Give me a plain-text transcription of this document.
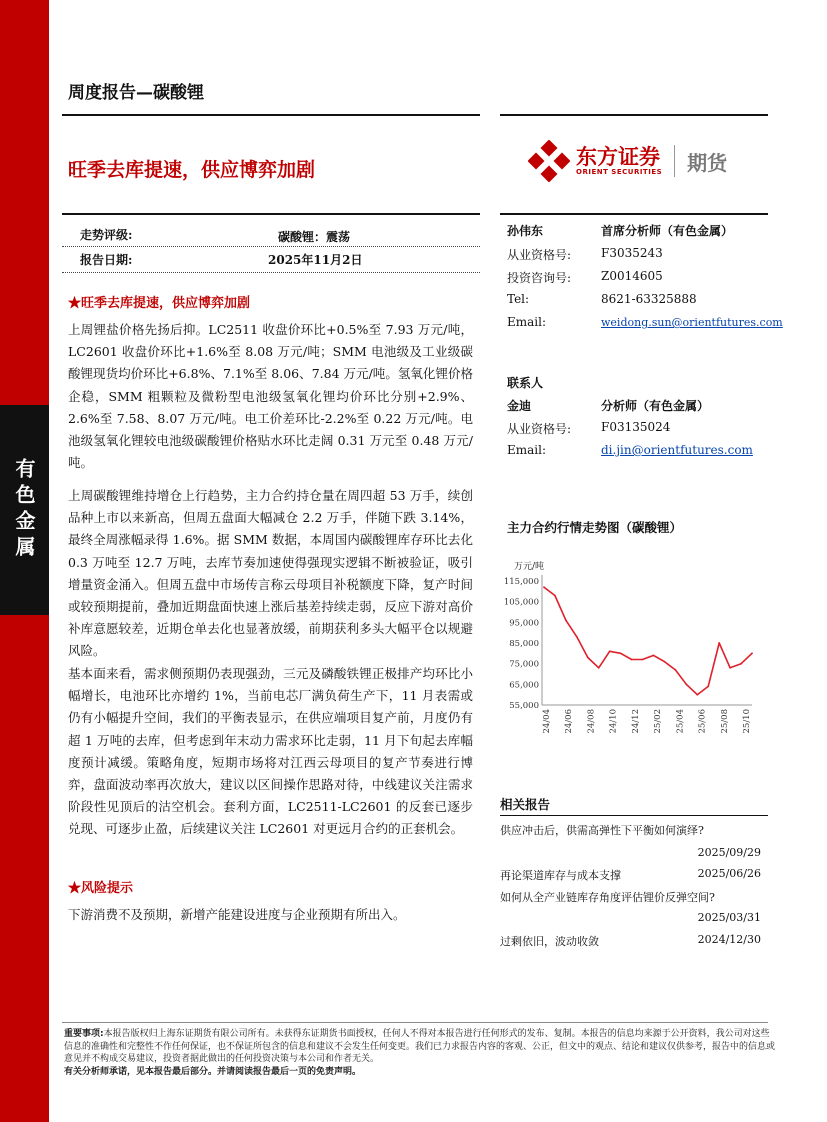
有色金属
周度报告—碳酸锂
旺季去库提速，供应博弈加剧
东方证券
ORIENT SECURITIES 期货
走势评级:	碳酸锂：震荡
报告日期:	2025年11月2日
★旺季去库提速，供应博弈加剧

上周锂盐价格先扬后抑。LC2511 收盘价环比+0.5%至 7.93 万元/吨，LC2601 收盘价环比+1.6%至 8.08 万元/吨；SMM 电池级及工业级碳酸锂现货均价环比+6.8%、7.1%至 8.06、7.84 万元/吨。氢氧化锂价格企稳，SMM 粗颗粒及微粉型电池级氢氧化锂均价环比分别+2.9%、2.6%至 7.58、8.07 万元/吨。电工价差环比-2.2%至 0.22 万元/吨。电池级氢氧化锂较电池级碳酸锂价格贴水环比走阔 0.31 万元至 0.48 万元/吨。

上周碳酸锂维持增仓上行趋势，主力合约持仓量在周四超 53 万手，续创品种上市以来新高，但周五盘面大幅减仓 2.2 万手，伴随下跌 3.14%，最终全周涨幅录得 1.6%。据 SMM 数据，本周国内碳酸锂库存环比去化 0.3 万吨至 12.7 万吨，去库节奏加速使得强现实逻辑不断被验证，吸引增量资金涌入。但周五盘中市场传言称云母项目补税额度下降，复产时间或较预期提前，叠加近期盘面快速上涨后基差持续走弱，反应下游对高价补库意愿较差，近期仓单去化也显著放缓，前期获利多头大幅平仓以规避风险。

基本面来看，需求侧预期仍表现强劲，三元及磷酸铁锂正极排产均环比小幅增长，电池环比亦增约 1%，当前电芯厂满负荷生产下，11 月表需或仍有小幅提升空间，我们的平衡表显示，在供应端项目复产前，月度仍有超 1 万吨的去库，但考虑到年末动力需求环比走弱，11 月下旬起去库幅度预计减缓。策略角度，短期市场将对江西云母项目的复产节奏进行博弈，盘面波动率再次放大，建议以区间操作思路对待，中线建议关注需求阶段性见顶后的沽空机会。套利方面，LC2511-LC2601 的反套已逐步兑现、可逐步止盈，后续建议关注 LC2601 对更远月合约的正套机会。

★风险提示

下游消费不及预期，新增产能建设进度与企业预期有所出入。

孙伟东	首席分析师（有色金属）
从业资格号: F3035243
投资咨询号: Z0014605
Tel:	8621-63325888
Email:	weidong.sun@orientfutures.com
联系人
金迪	分析师（有色金属）
从业资格号: F03135024
Email:	di.jin@orientfutures.com
主力合约行情走势图（碳酸锂）
万元/吨
115,000
105,000
95,000
85,000
75,000
65,000
55,000
24/04 24/06 24/08 24/10 24/12 25/02 25/04 25/06 25/08 25/10
相关报告
供应冲击后，供需高弹性下平衡如何演绎?
2025/09/29
再论渠道库存与成本支撑	2025/06/26
如何从全产业链库存角度评估锂价反弹空间?
2025/03/31
过剩依旧，波动收敛	2024/12/30
重要事项:本报告版权归上海东证期货有限公司所有。未获得东证期货书面授权，任何人不得对本报告进行任何形式的发布、复制。本报告的信息均来源于公开资料，我公司对这些信息的准确性和完整性不作任何保证，也不保证所包含的信息和建议不会发生任何变更。我们已力求报告内容的客观、公正，但文中的观点、结论和建议仅供参考，报告中的信息或意见并不构成交易建议，投资者据此做出的任何投资决策与本公司和作者无关。
有关分析师承诺，见本报告最后部分。并请阅读报告最后一页的免责声明。
